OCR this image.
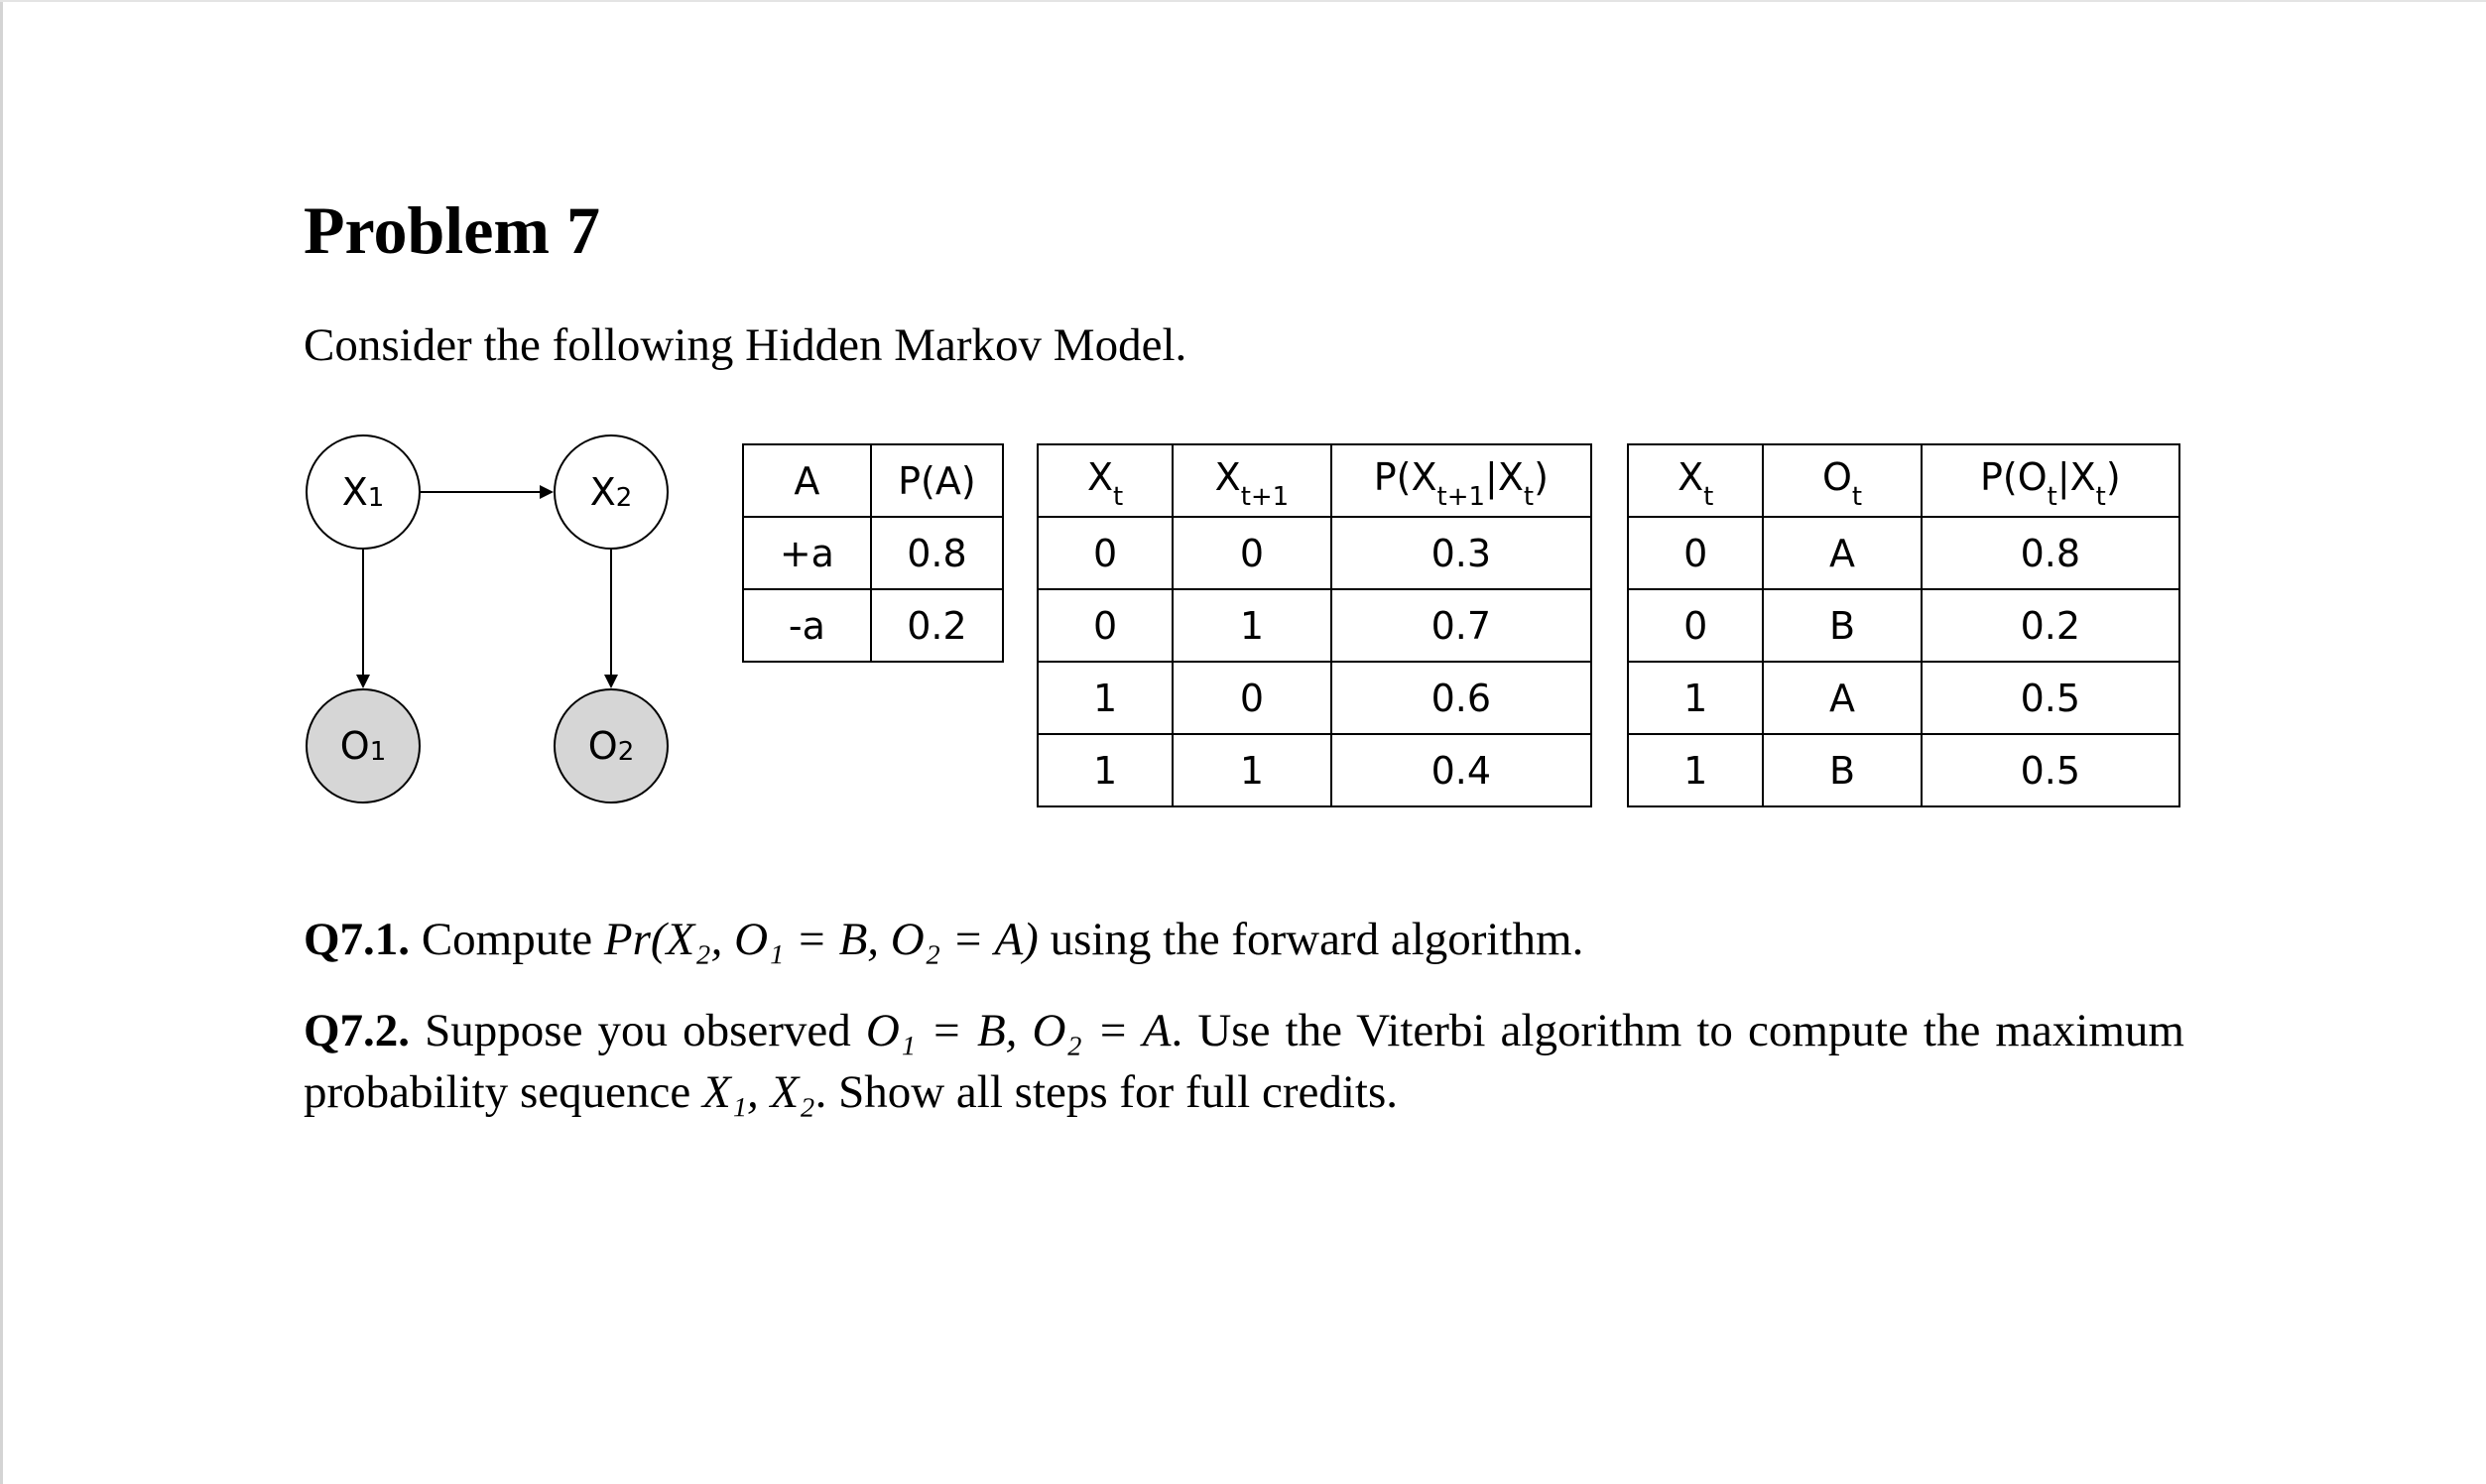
Problem 7
Consider the following Hidden Markov Model.
$X_1$	$X_2$
$O_1$	$O_2$
A	P(A)
+a	0.8
-a	0.2
$X_t$	$X_{t+1}$	$P(X_{t+1}|X_t)$
0	0	0.3
0	1	0.7
1	0	0.6
1	1	0.4
$X_t$	$O_t$	$P(O_t|X_t)$
0	A	0.8
0	B	0.2
1	A	0.5
1	B	0.5
Q7.1. Compute Pr(X₂, O₁ = B, O₂ = A) using the forward algorithm.
Q7.2. Suppose you observed O₁ = B, O₂ = A. Use the Viterbi algorithm to compute the maximum probability sequence X₁, X₂. Show all steps for full credits.
